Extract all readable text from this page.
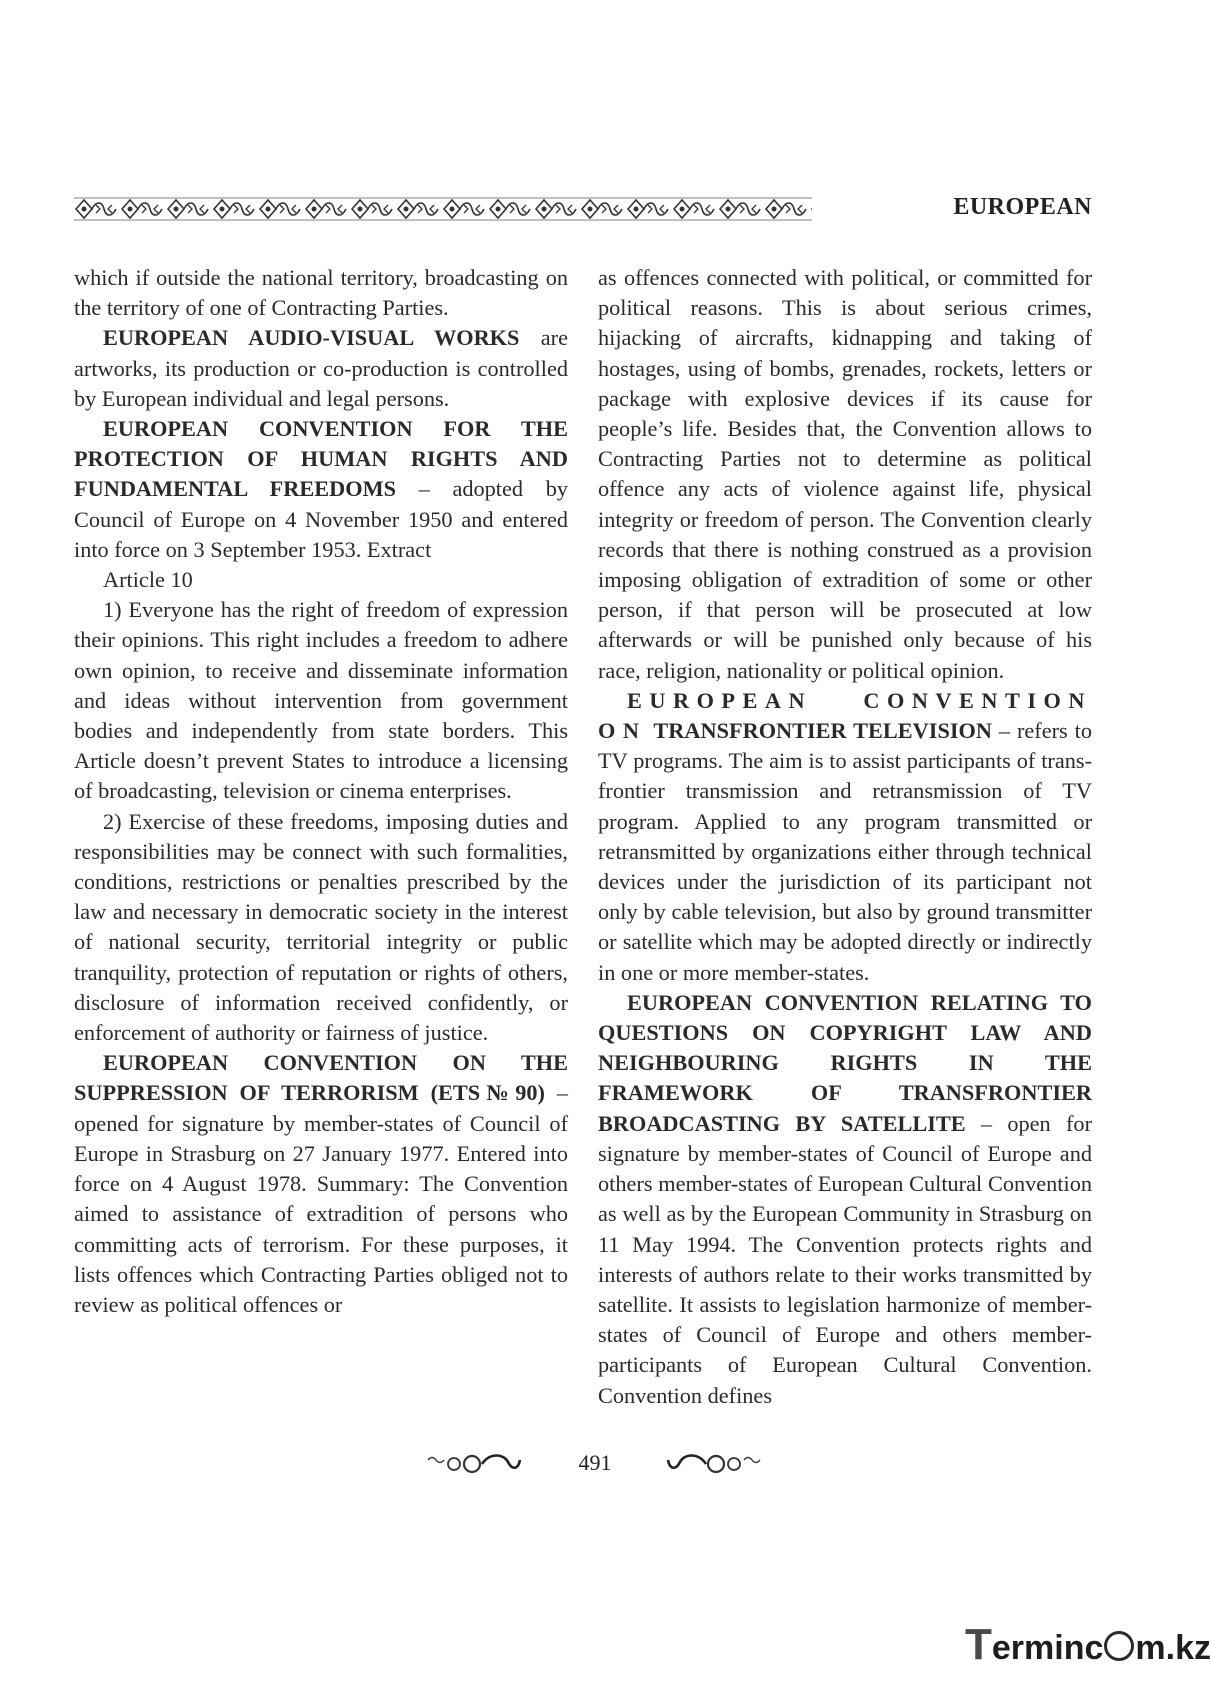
EUROPEAN

which if outside the national territory, broadcasting on the territory of one of Contracting Parties.

EUROPEAN AUDIO-VISUAL WORKS are artworks, its production or co-production is controlled by European individual and legal persons.

EUROPEAN CONVENTION FOR THE PROTECTION OF HUMAN RIGHTS AND FUNDAMENTAL FREEDOMS – adopted by Council of Europe on 4 November 1950 and entered into force on 3 September 1953. Extract

Article 10

1) Everyone has the right of freedom of expression their opinions. This right includes a freedom to adhere own opinion, to receive and disseminate information and ideas without intervention from government bodies and independently from state borders. This Article doesn’t prevent States to introduce a licensing of broadcasting, television or cinema enterprises.

2) Exercise of these freedoms, imposing duties and responsibilities may be connect with such formalities, conditions, restrictions or penalties prescribed by the law and necessary in democratic society in the interest of national security, territorial integrity or public tranquility, protection of reputation or rights of others, disclosure of information received confidently, or enforcement of authority or fairness of justice.

EUROPEAN CONVENTION ON THE SUPPRESSION OF TERRORISM (ETS№90) – opened for signature by member-states of Council of Europe in Strasburg on 27 January 1977. Entered into force on 4 August 1978. Summary: The Convention aimed to assistance of extradition of persons who committing acts of terrorism. For these purposes, it lists offences which Contracting Parties obliged not to review as political offences or

as offences connected with political, or committed for political reasons. This is about serious crimes, hijacking of aircrafts, kidnapping and taking of hostages, using of bombs, grenades, rockets, letters or package with explosive devices if its cause for people’s life. Besides that, the Convention allows to Contracting Parties not to determine as political offence any acts of violence against life, physical integrity or freedom of person. The Convention clearly records that there is nothing construed as a provision imposing obligation of extradition of some or other person, if that person will be prosecuted at low afterwards or will be punished only because of his race, religion, nationality or political opinion.

EUROPEAN CONVENTION ON TRANSFRONTIER TELEVISION – refers to TV programs. The aim is to assist participants of trans-frontier transmission and retransmission of TV program. Applied to any program transmitted or retransmitted by organizations either through technical devices under the jurisdiction of its participant not only by cable television, but also by ground transmitter or satellite which may be adopted directly or indirectly in one or more member-states.

EUROPEAN CONVENTION RELATING TO QUESTIONS ON COPYRIGHT LAW AND NEIGHBOURING RIGHTS IN THE FRAMEWORK OF TRANSFRONTIER BROADCASTING BY SATELLITE – open for signature by member-states of Council of Europe and others member-states of European Cultural Convention as well as by the European Community in Strasburg on 11 May 1994. The Convention protects rights and interests of authors relate to their works transmitted by satellite. It assists to legislation harmonize of member-states of Council of Europe and others member-participants of European Cultural Convention. Convention defines

491
Terminc m.kz
